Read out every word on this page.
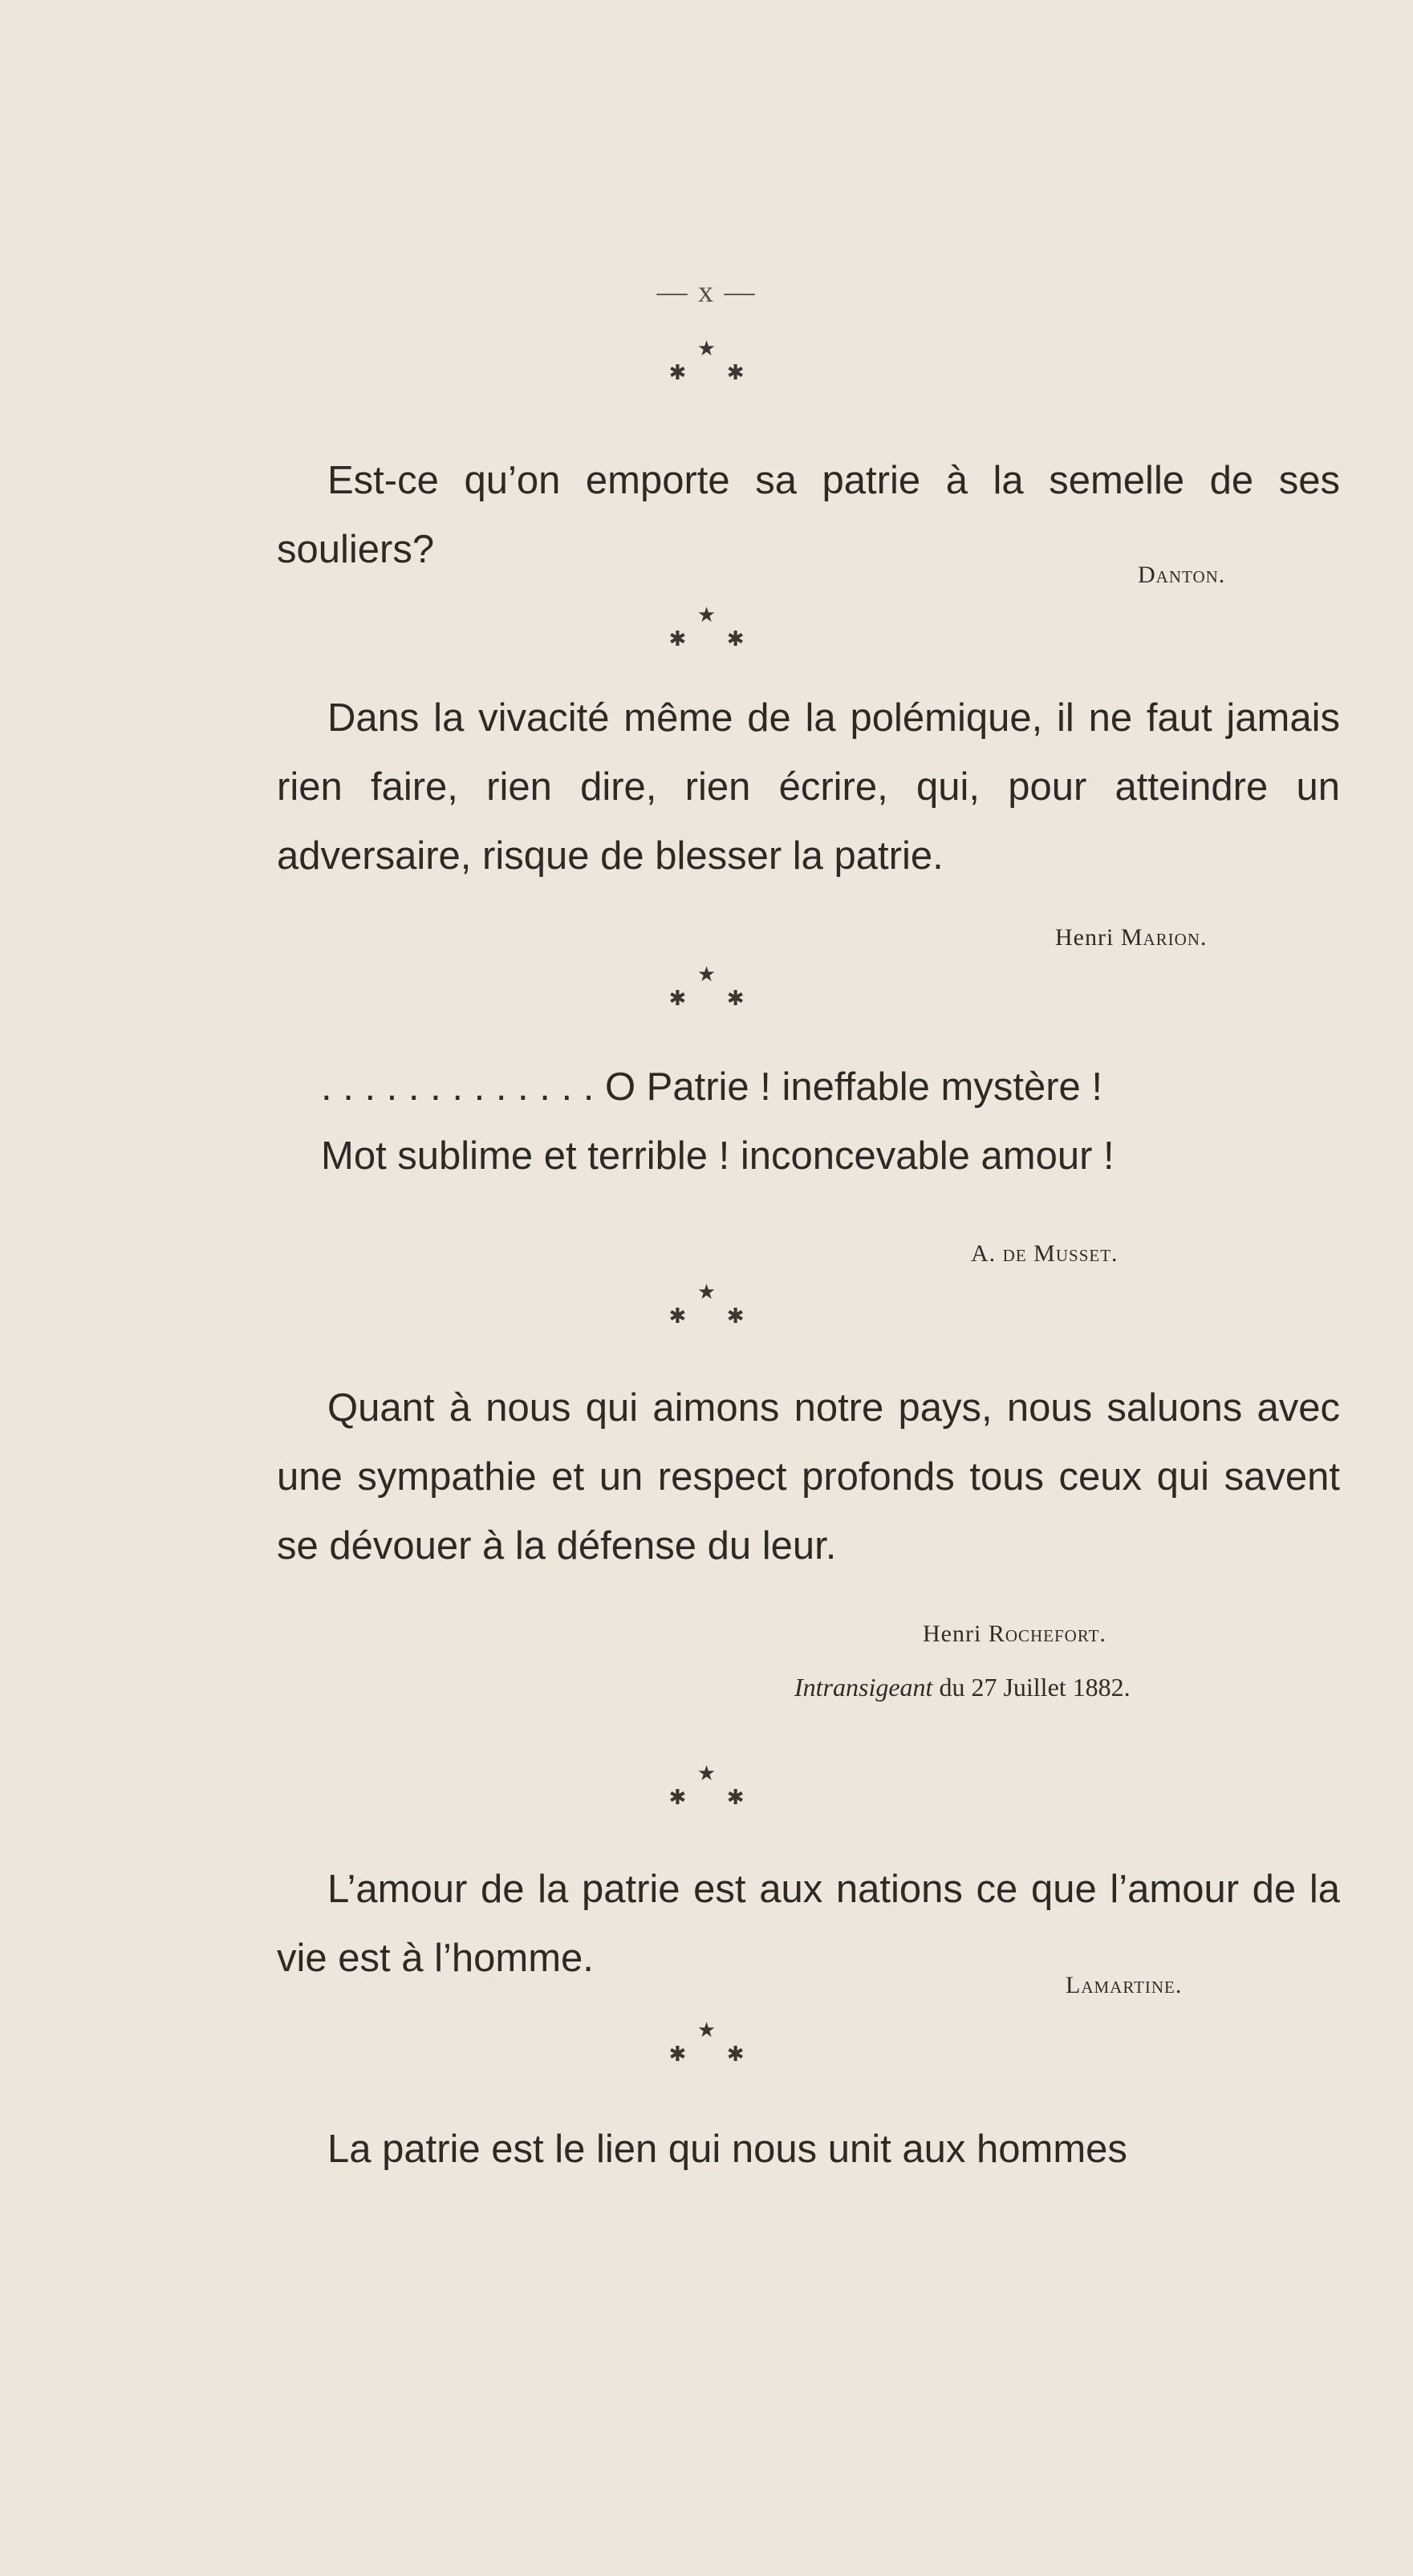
— x —
★
✱ ✱

Est-ce qu’on emporte sa patrie à la semelle de ses souliers?

Danton.
★
✱ ✱

Dans la vivacité même de la polémique, il ne faut jamais rien faire, rien dire, rien écrire, qui, pour atteindre un adversaire, risque de blesser la patrie.

Henri Marion.
★
✱ ✱
. . . . . . . . . . . . . O Patrie ! ineffable mystère !
Mot sublime et terrible ! inconcevable amour !
A. de Musset.
★
✱ ✱

Quant à nous qui aimons notre pays, nous saluons avec une sympathie et un respect profonds tous ceux qui savent se dévouer à la défense du leur.

Henri Rochefort.
Intransigeant du 27 Juillet 1882.
★
✱ ✱

L’amour de la patrie est aux nations ce que l’amour de la vie est à l’homme.

Lamartine.
★
✱ ✱

La patrie est le lien qui nous unit aux hommes
